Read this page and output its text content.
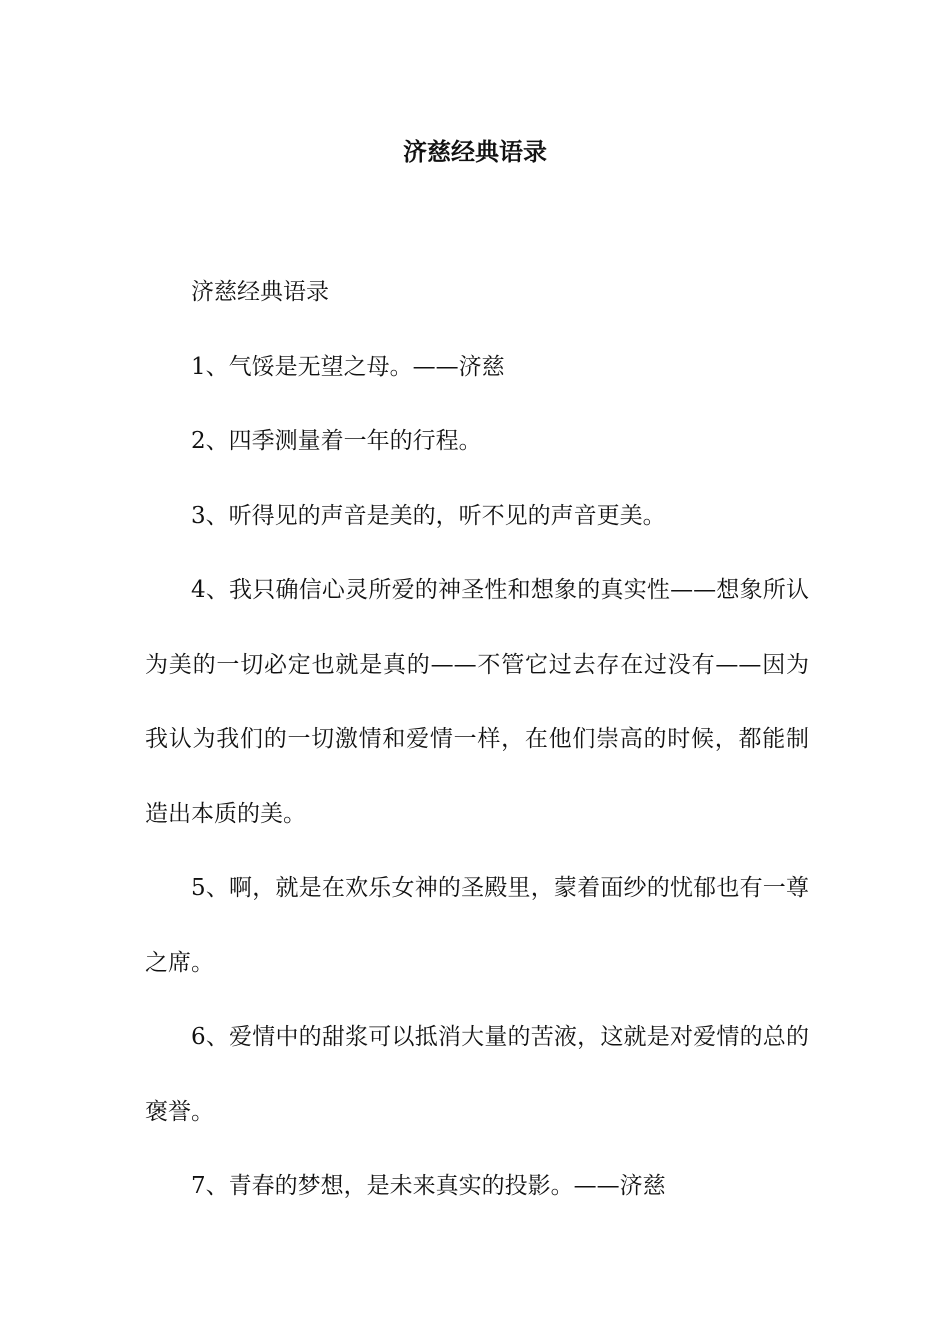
济慈经典语录

济慈经典语录

1、气馁是无望之母。——济慈

2、四季测量着一年的行程。

3、听得见的声音是美的，听不见的声音更美。

4、我只确信心灵所爱的神圣性和想象的真实性——想象所认为美的一切必定也就是真的——不管它过去存在过没有——因为我认为我们的一切激情和爱情一样，在他们崇高的时候，都能制造出本质的美。

5、啊，就是在欢乐女神的圣殿里，蒙着面纱的忧郁也有一尊之席。

6、爱情中的甜浆可以抵消大量的苦液，这就是对爱情的总的褒誉。

7、青春的梦想，是未来真实的投影。——济慈
